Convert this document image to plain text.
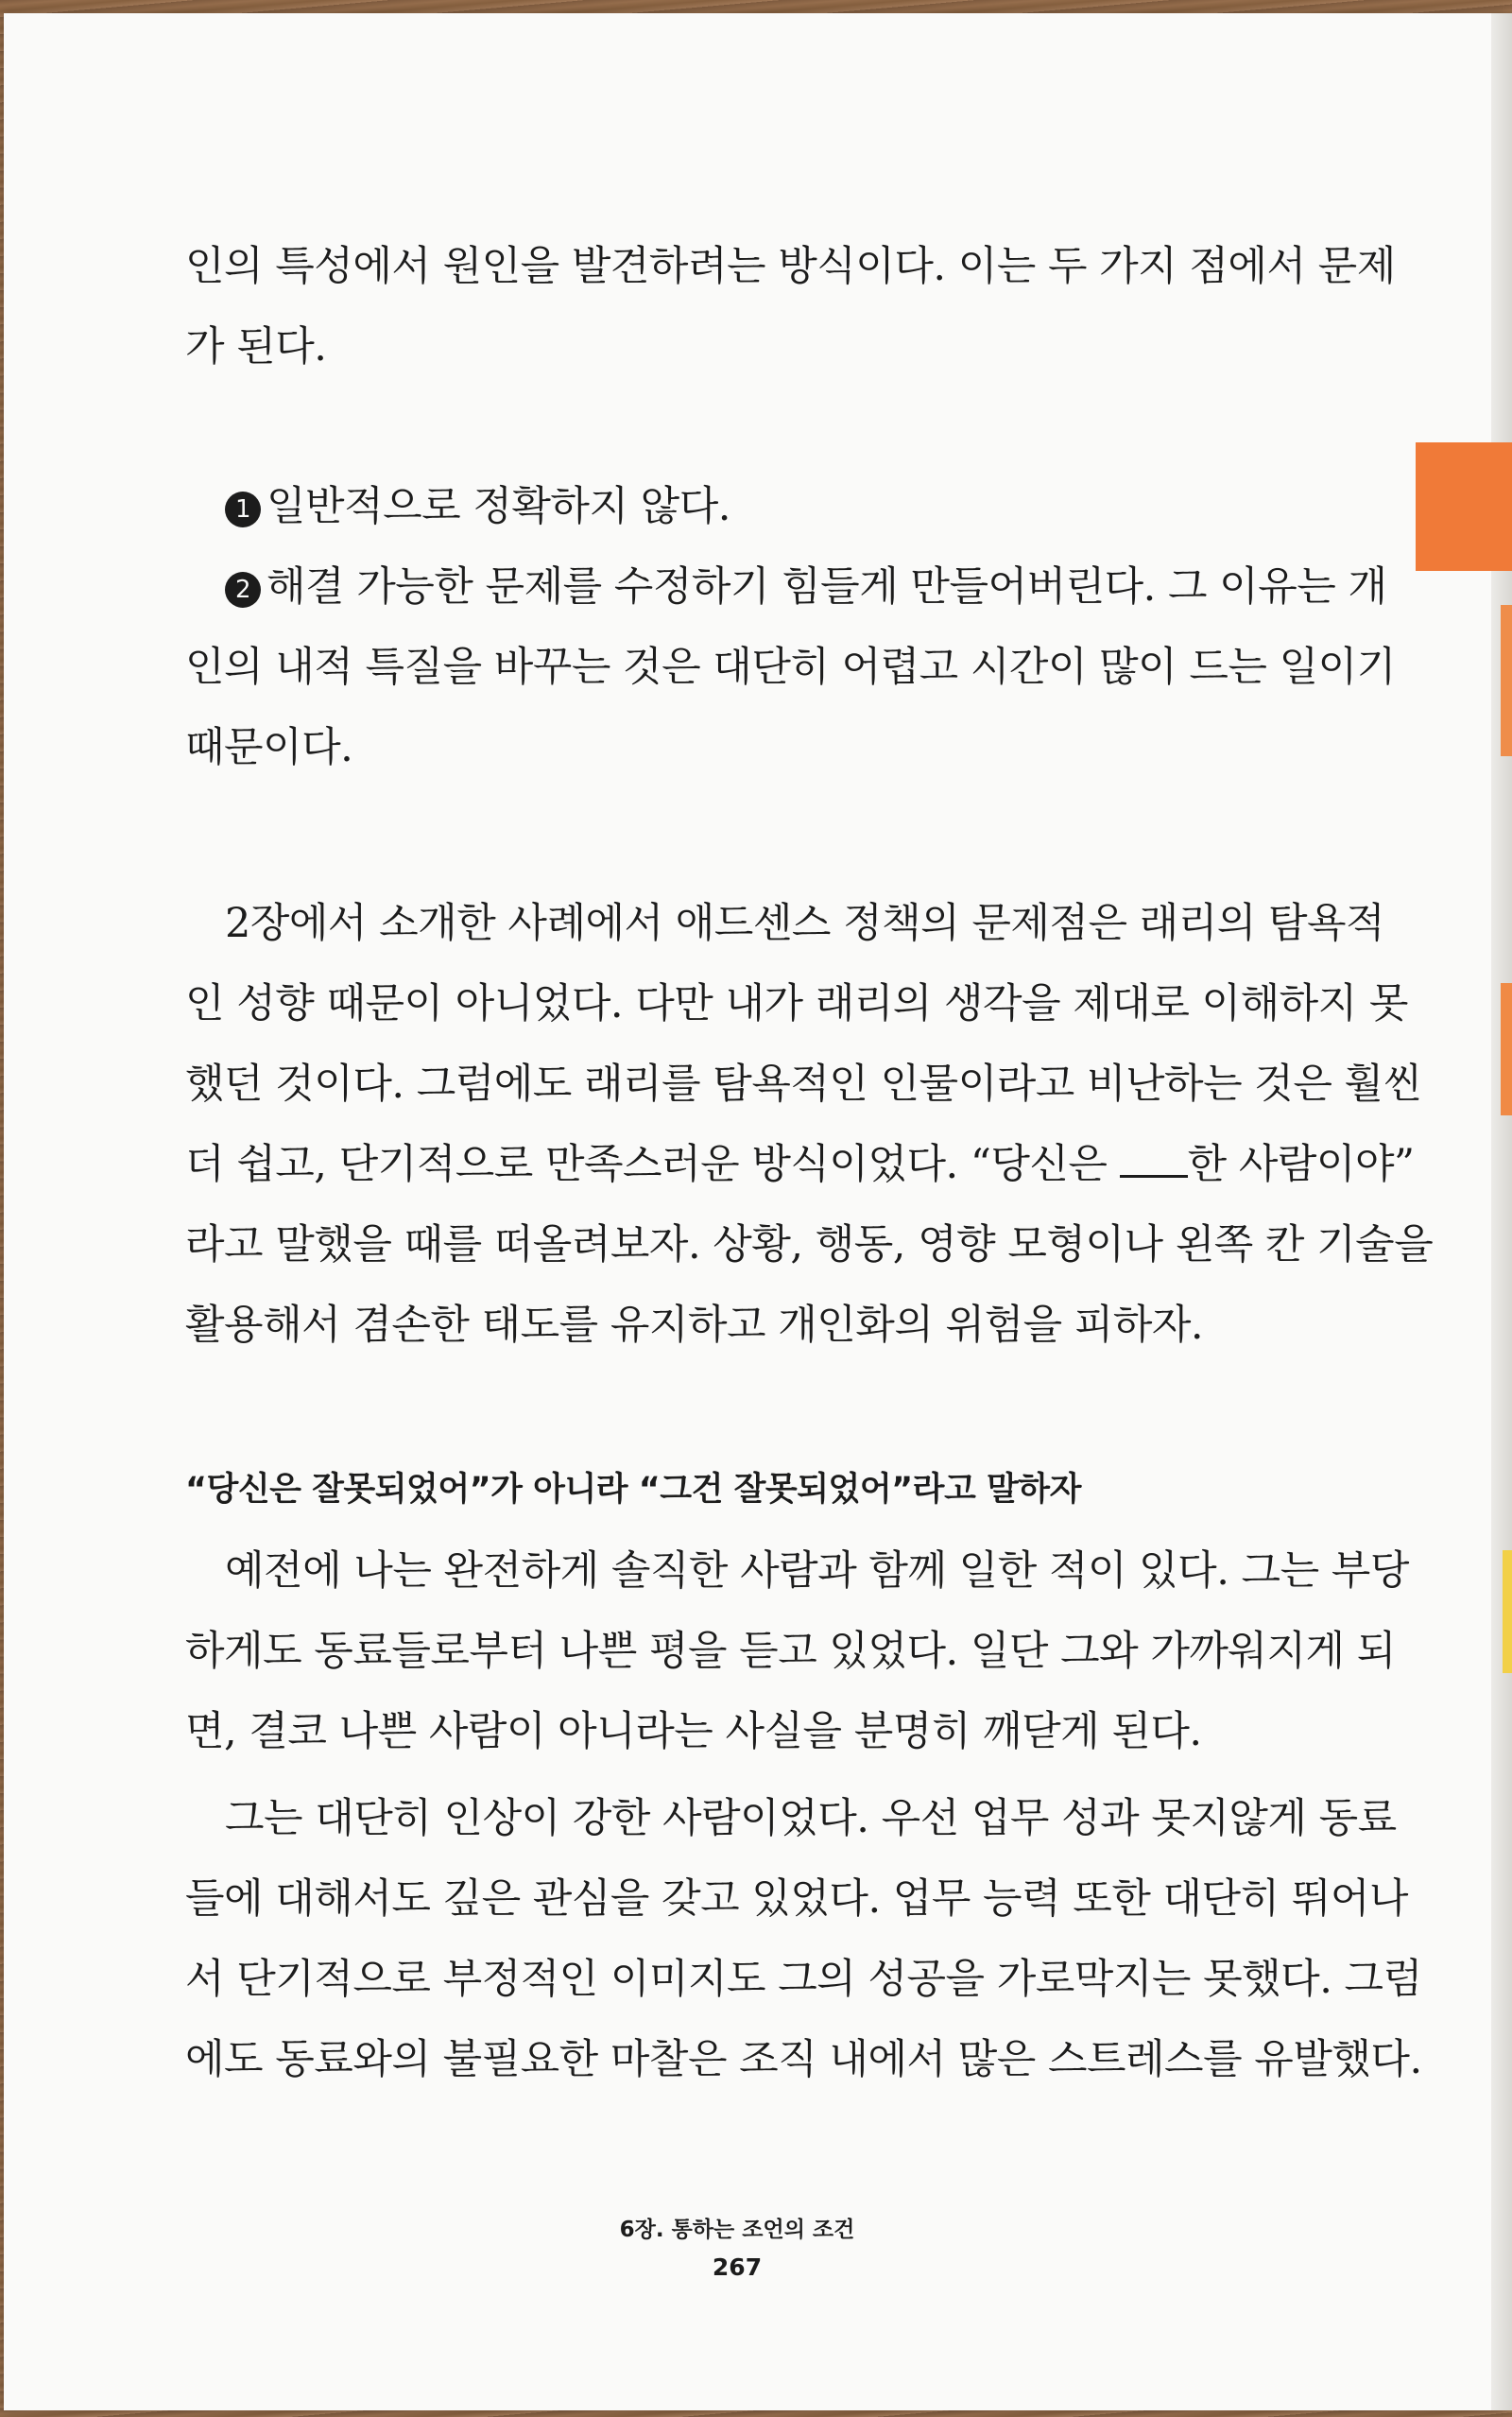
인의 특성에서 원인을 발견하려는 방식이다. 이는 두 가지 점에서 문제
가 된다.
1 일반적으로 정확하지 않다.
2 해결 가능한 문제를 수정하기 힘들게 만들어버린다. 그 이유는 개
인의 내적 특질을 바꾸는 것은 대단히 어렵고 시간이 많이 드는 일이기
때문이다.
2장에서 소개한 사례에서 애드센스 정책의 문제점은 래리의 탐욕적
인 성향 때문이 아니었다. 다만 내가 래리의 생각을 제대로 이해하지 못
했던 것이다. 그럼에도 래리를 탐욕적인 인물이라고 비난하는 것은 훨씬
더 쉽고, 단기적으로 만족스러운 방식이었다. “당신은 한 사람이야”
라고 말했을 때를 떠올려보자. 상황, 행동, 영향 모형이나 왼쪽 칸 기술을
활용해서 겸손한 태도를 유지하고 개인화의 위험을 피하자.
“당신은 잘못되었어”가 아니라 “그건 잘못되었어”라고 말하자
예전에 나는 완전하게 솔직한 사람과 함께 일한 적이 있다. 그는 부당
하게도 동료들로부터 나쁜 평을 듣고 있었다. 일단 그와 가까워지게 되
면, 결코 나쁜 사람이 아니라는 사실을 분명히 깨닫게 된다.
그는 대단히 인상이 강한 사람이었다. 우선 업무 성과 못지않게 동료
들에 대해서도 깊은 관심을 갖고 있었다. 업무 능력 또한 대단히 뛰어나
서 단기적으로 부정적인 이미지도 그의 성공을 가로막지는 못했다. 그럼
에도 동료와의 불필요한 마찰은 조직 내에서 많은 스트레스를 유발했다.
6장. 통하는 조언의 조건
267
